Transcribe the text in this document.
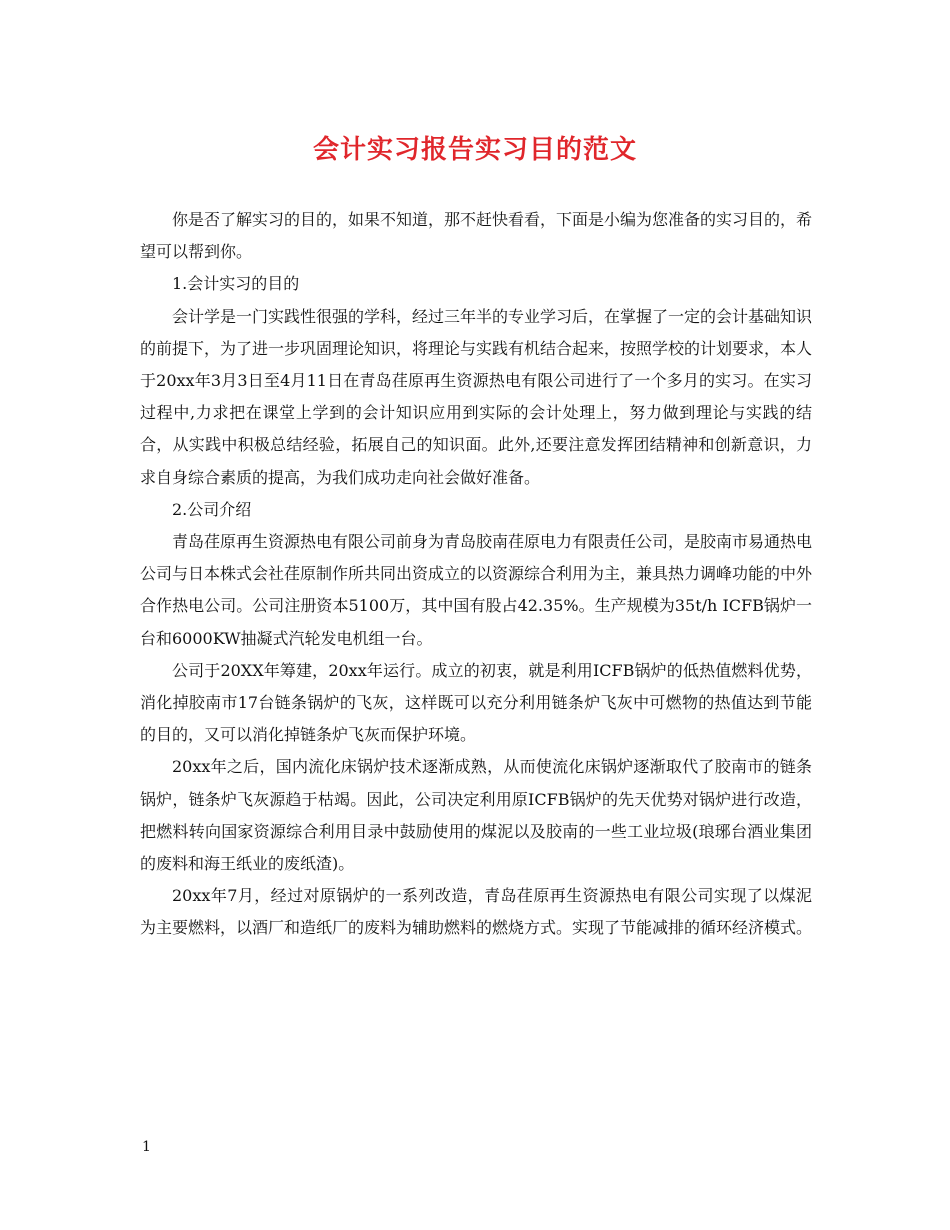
会计实习报告实习目的范文

你是否了解实习的目的，如果不知道，那不赶快看看，下面是小编为您准备的实习目的，希望可以帮到你。

1.会计实习的目的

会计学是一门实践性很强的学科，经过三年半的专业学习后，在掌握了一定的会计基础知识的前提下，为了进一步巩固理论知识，将理论与实践有机结合起来，按照学校的计划要求，本人于20xx年3月3日至4月11日在青岛荏原再生资源热电有限公司进行了一个多月的实习。在实习过程中,力求把在课堂上学到的会计知识应用到实际的会计处理上，努力做到理论与实践的结合，从实践中积极总结经验，拓展自己的知识面。此外,还要注意发挥团结精神和创新意识，力求自身综合素质的提高，为我们成功走向社会做好准备。

2.公司介绍

青岛荏原再生资源热电有限公司前身为青岛胶南荏原电力有限责任公司，是胶南市易通热电公司与日本株式会社荏原制作所共同出资成立的以资源综合利用为主，兼具热力调峰功能的中外合作热电公司。公司注册资本5100万，其中国有股占42.35%。生产规模为35t/h ICFB锅炉一台和6000KW抽凝式汽轮发电机组一台。

公司于20XX年筹建，20xx年运行。成立的初衷，就是利用ICFB锅炉的低热值燃料优势，消化掉胶南市17台链条锅炉的飞灰，这样既可以充分利用链条炉飞灰中可燃物的热值达到节能的目的，又可以消化掉链条炉飞灰而保护环境。

20xx年之后，国内流化床锅炉技术逐渐成熟，从而使流化床锅炉逐渐取代了胶南市的链条锅炉，链条炉飞灰源趋于枯竭。因此，公司决定利用原ICFB锅炉的先天优势对锅炉进行改造，把燃料转向国家资源综合利用目录中鼓励使用的煤泥以及胶南的一些工业垃圾(琅琊台酒业集团的废料和海王纸业的废纸渣)。

20xx年7月，经过对原锅炉的一系列改造，青岛荏原再生资源热电有限公司实现了以煤泥为主要燃料，以酒厂和造纸厂的废料为辅助燃料的燃烧方式。实现了节能减排的循环经济模式。

1
